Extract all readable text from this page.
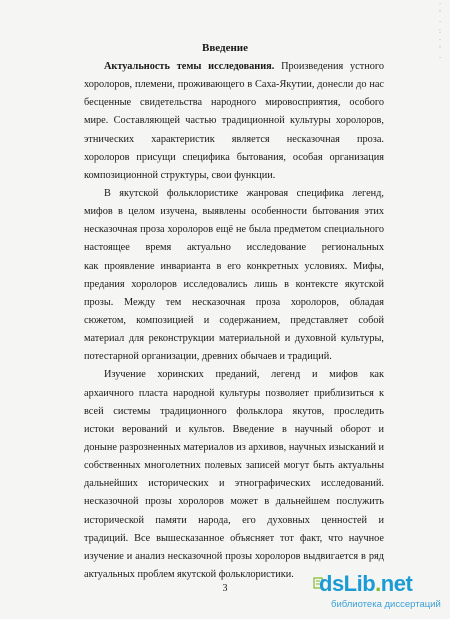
·
'
·
:
·
'
·
Введение
Актуальность темы исследования. Произведения устного
хоролоров, племени, проживающего в Саха-Якутии, донесли до нас
бесценные свидетельства народного мировосприятия, особого
мире. Составляющей частью традиционной культуры хоролоров,
этнических характеристик является несказочная проза.
хоролоров присущи специфика бытования, особая организация
композиционной структуры, свои функции.
В якутской фольклористике жанровая специфика легенд,
мифов в целом изучена, выявлены особенности бытования этих
несказочная проза хоролоров ещё не была предметом специального
настоящее время актуально исследование региональных
как проявление инварианта в его конкретных условиях. Мифы,
предания хоролоров исследовались лишь в контексте якутской
прозы. Между тем несказочная проза хоролоров, обладая
сюжетом, композицией и содержанием, представляет собой
материал для реконструкции материальной и духовной культуры,
потестарной организации, древних обычаев и традиций.
Изучение хоринских преданий, легенд и мифов как
архаичного пласта народной культуры позволяет приблизиться к
всей системы традиционного фольклора якутов, проследить
истоки верований и культов. Введение в научный оборот и
доныне разрозненных материалов из архивов, научных изысканий и
собственных многолетних полевых записей могут быть актуальны
дальнейших исторических и этнографических исследований.
несказочной прозы хоролоров может в дальнейшем послужить
исторической памяти народа, его духовных ценностей и
традиций. Все вышесказанное объясняет тот факт, что научное
изучение и анализ несказочной прозы хоролоров выдвигается в ряд
актуальных проблем якутской фольклористики.
3	dsLib.net
библиотека диссертаций
